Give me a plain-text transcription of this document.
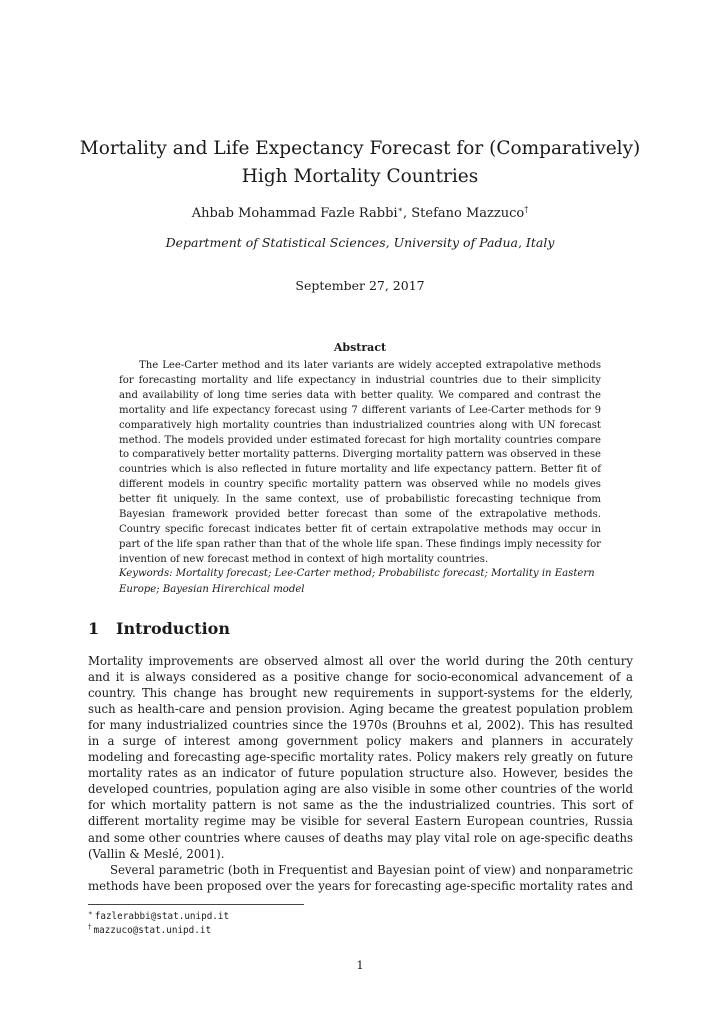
Mortality and Life Expectancy Forecast for (Comparatively) High Mortality Countries
Ahbab Mohammad Fazle Rabbi∗, Stefano Mazzuco†
Department of Statistical Sciences, University of Padua, Italy
September 27, 2017
Abstract

The Lee-Carter method and its later variants are widely accepted extrapolative methods for forecasting mortality and life expectancy in industrial countries due to their simplicity and availability of long time series data with better quality. We compared and contrast the mortality and life expectancy forecast using 7 different variants of Lee-Carter methods for 9 comparatively high mortality countries than industrialized countries along with UN forecast method. The models provided under estimated forecast for high mortality countries compare to comparatively better mortality patterns. Diverging mortality pattern was observed in these countries which is also reflected in future mortality and life expectancy pattern. Better fit of different models in country specific mortality pattern was observed while no models gives better fit uniquely. In the same context, use of probabilistic forecasting technique from Bayesian framework provided better forecast than some of the extrapolative methods. Country specific forecast indicates better fit of certain extrapolative methods may occur in part of the life span rather than that of the whole life span. These findings imply necessity for invention of new forecast method in context of high mortality countries.

Keywords: Mortality forecast; Lee-Carter method; Probabilistc forecast; Mortality in Eastern Europe; Bayesian Hirerchical model

1 Introduction

Mortality improvements are observed almost all over the world during the 20th century and it is always considered as a positive change for socio-economical advancement of a country. This change has brought new requirements in support-systems for the elderly, such as health-care and pension provision. Aging became the greatest population problem for many industrialized countries since the 1970s (Brouhns et al, 2002). This has resulted in a surge of interest among government policy makers and planners in accurately modeling and forecasting age-specific mortality rates. Policy makers rely greatly on future mortality rates as an indicator of future population structure also. However, besides the developed countries, population aging are also visible in some other countries of the world for which mortality pattern is not same as the the industrialized countries. This sort of different mortality regime may be visible for several Eastern European countries, Russia and some other countries where causes of deaths may play vital role on age-specific deaths (Vallin & Meslé, 2001).

Several parametric (both in Frequentist and Bayesian point of view) and nonparametric methods have been proposed over the years for forecasting age-specific mortality rates and

∗ fazlerabbi@stat.unipd.it
† mazzuco@stat.unipd.it
1
